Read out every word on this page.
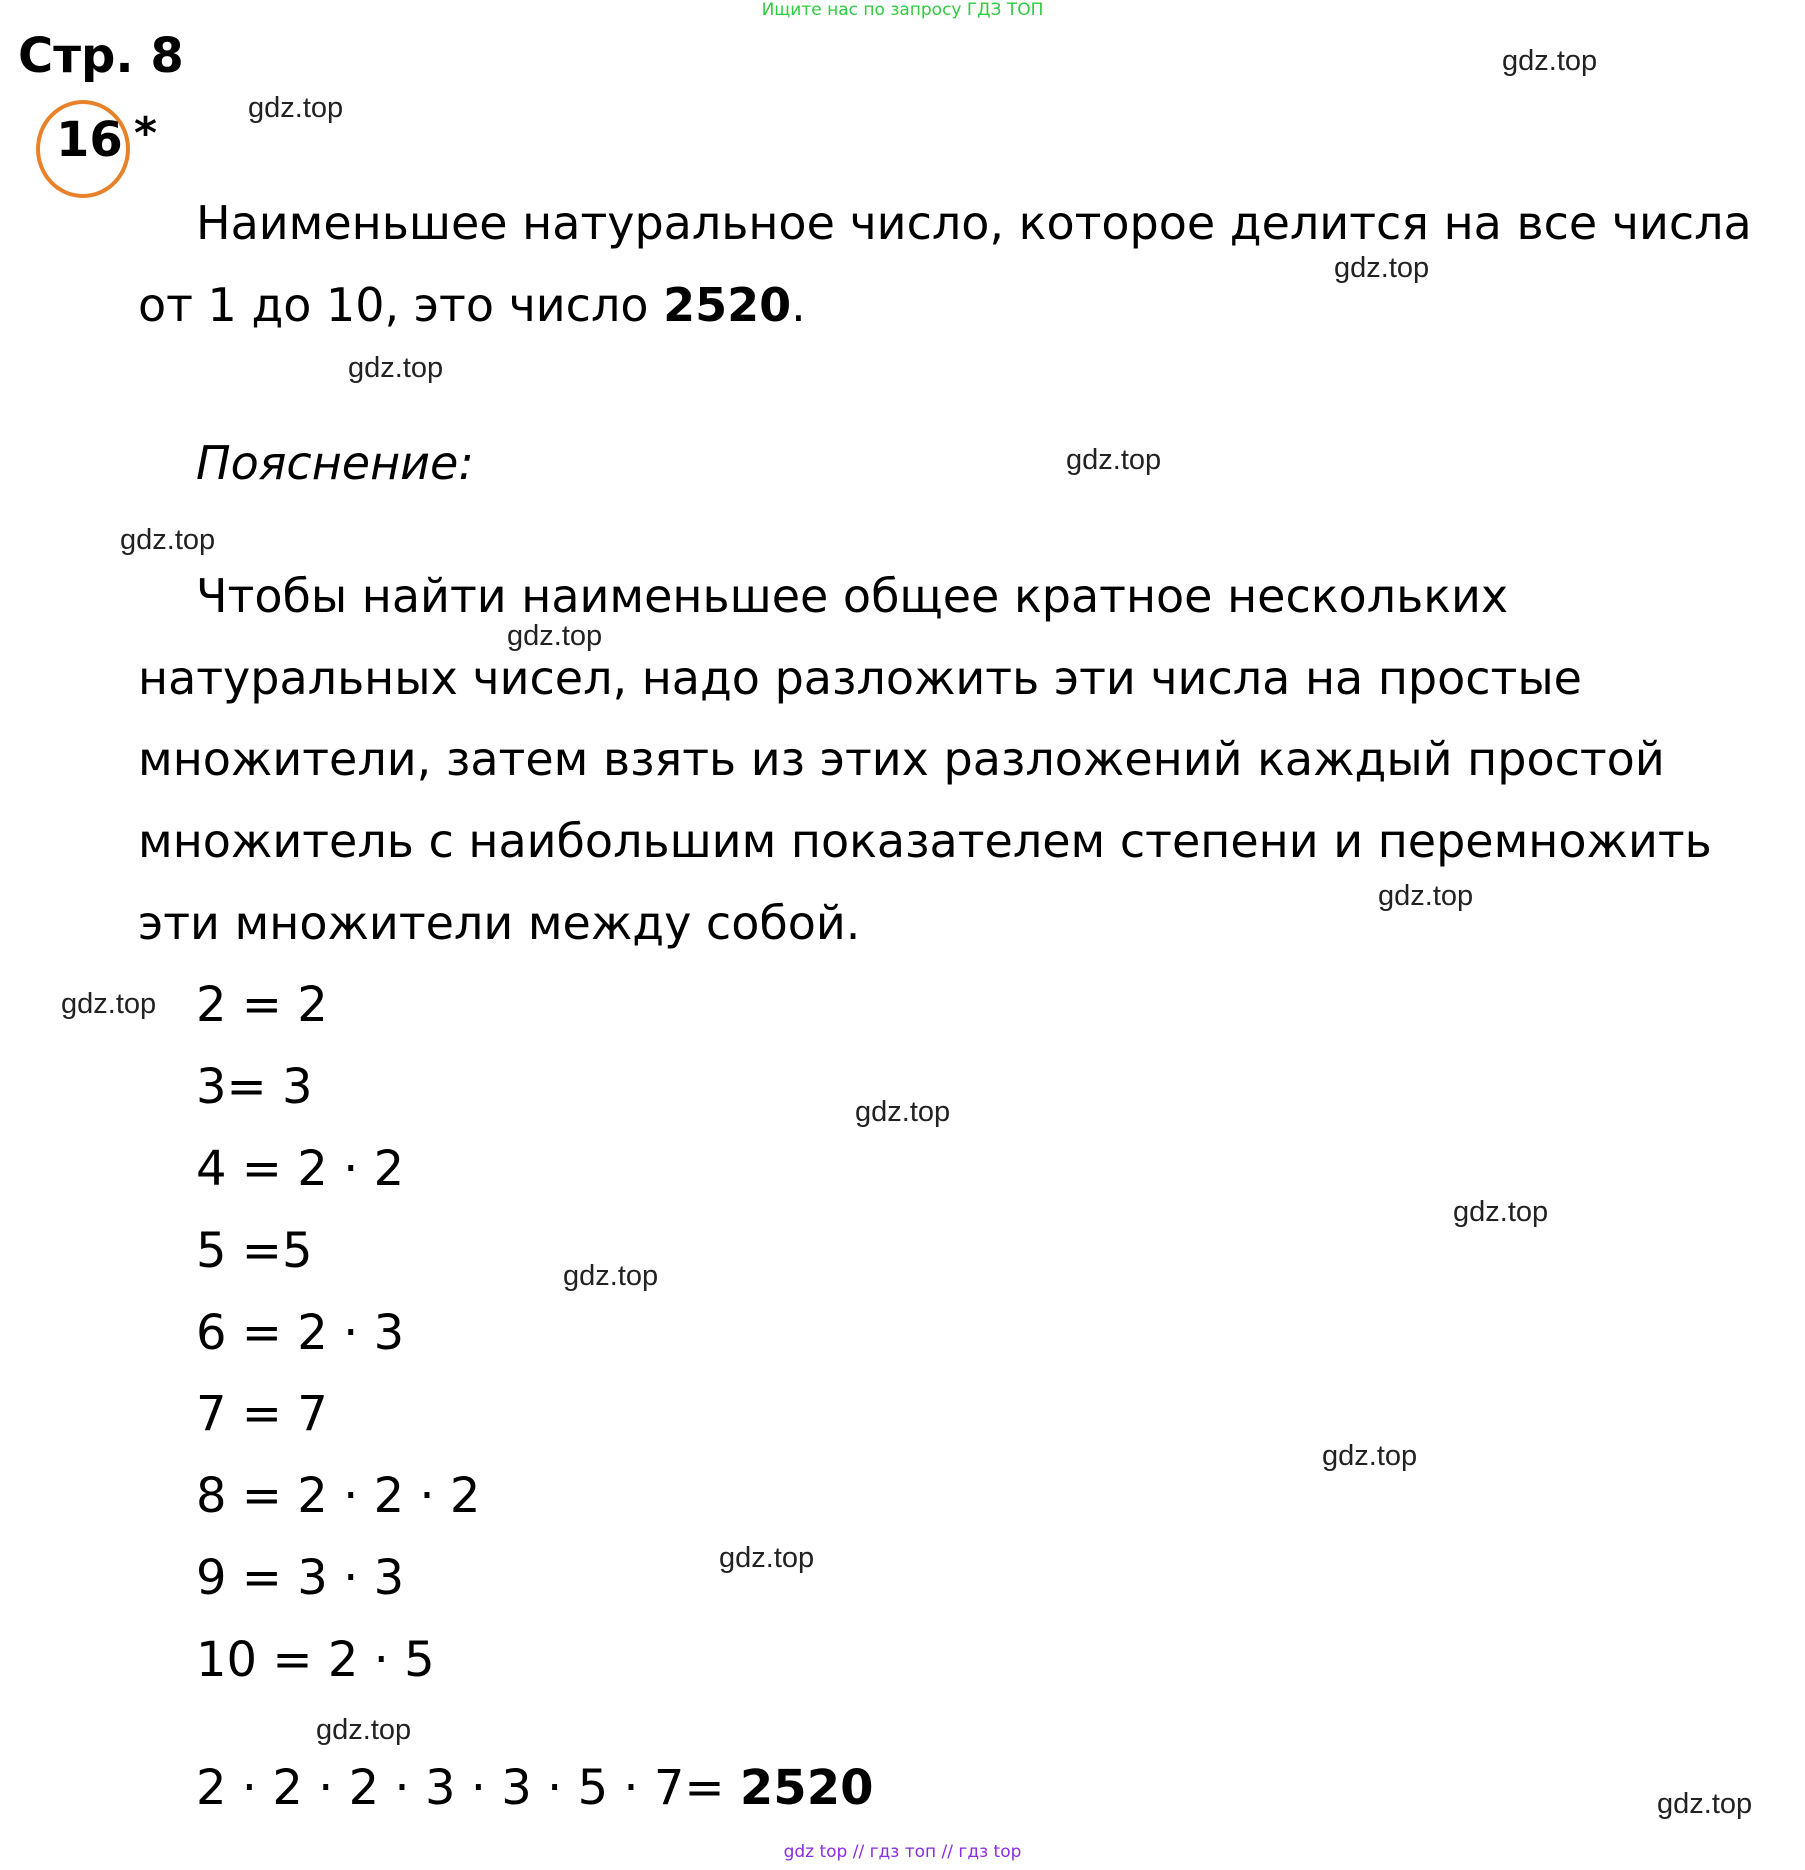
Ищите нас по запросу ГДЗ ТОП
Стр. 8
16 *
Наименьшее натуральное число, которое делится на все числа
от 1 до 10, это число 2520.
Пояснение:
Чтобы найти наименьшее общее кратное нескольких
натуральных чисел, надо разложить эти числа на простые
множители, затем взять из этих разложений каждый простой
множитель с наибольшим показателем степени и перемножить
эти множители между собой.
2 = 2
3= 3
4 = 2 · 2
5 =5
6 = 2 · 3
7 = 7
8 = 2 · 2 · 2
9 = 3 · 3
10 = 2 · 5
2 · 2 · 2 · 3 · 3 · 5 · 7= 2520
gdz.top
gdz.top
gdz.top
gdz.top
gdz.top
gdz.top
gdz.top
gdz.top
gdz.top
gdz.top
gdz.top
gdz.top
gdz.top
gdz.top
gdz.top
gdz.top
gdz top // гдз топ // гдз top
